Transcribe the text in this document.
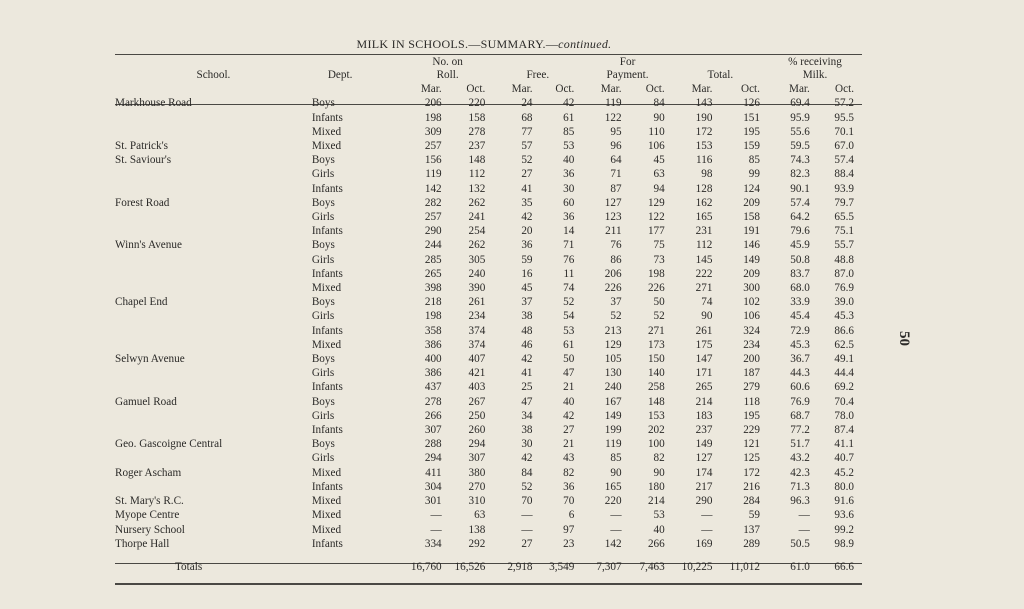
MILK IN SCHOOLS.—SUMMARY.—continued.
50
		No. on				For				% receiving	
School.	Dept.	Roll.		Free.		Payment.		Total.		Milk.	
		Mar.	Oct.	Mar.	Oct.	Mar.	Oct.	Mar.	Oct.	Mar.	Oct.
Markhouse Road	Boys	206	220	24	42	119	84	143	126	69.4	57.2
	Infants	198	158	68	61	122	90	190	151	95.9	95.5
	Mixed	309	278	77	85	95	110	172	195	55.6	70.1
St. Patrick's	Mixed	257	237	57	53	96	106	153	159	59.5	67.0
St. Saviour's	Boys	156	148	52	40	64	45	116	85	74.3	57.4
	Girls	119	112	27	36	71	63	98	99	82.3	88.4
	Infants	142	132	41	30	87	94	128	124	90.1	93.9
Forest Road	Boys	282	262	35	60	127	129	162	209	57.4	79.7
	Girls	257	241	42	36	123	122	165	158	64.2	65.5
	Infants	290	254	20	14	211	177	231	191	79.6	75.1
Winn's Avenue	Boys	244	262	36	71	76	75	112	146	45.9	55.7
	Girls	285	305	59	76	86	73	145	149	50.8	48.8
	Infants	265	240	16	11	206	198	222	209	83.7	87.0
	Mixed	398	390	45	74	226	226	271	300	68.0	76.9
Chapel End	Boys	218	261	37	52	37	50	74	102	33.9	39.0
	Girls	198	234	38	54	52	52	90	106	45.4	45.3
	Infants	358	374	48	53	213	271	261	324	72.9	86.6
	Mixed	386	374	46	61	129	173	175	234	45.3	62.5
Selwyn Avenue	Boys	400	407	42	50	105	150	147	200	36.7	49.1
	Girls	386	421	41	47	130	140	171	187	44.3	44.4
	Infants	437	403	25	21	240	258	265	279	60.6	69.2
Gamuel Road	Boys	278	267	47	40	167	148	214	118	76.9	70.4
	Girls	266	250	34	42	149	153	183	195	68.7	78.0
	Infants	307	260	38	27	199	202	237	229	77.2	87.4
Geo. Gascoigne Central	Boys	288	294	30	21	119	100	149	121	51.7	41.1
	Girls	294	307	42	43	85	82	127	125	43.2	40.7
Roger Ascham	Mixed	411	380	84	82	90	90	174	172	42.3	45.2
	Infants	304	270	52	36	165	180	217	216	71.3	80.0
St. Mary's R.C.	Mixed	301	310	70	70	220	214	290	284	96.3	91.6
Myope Centre	Mixed	—	63	—	6	—	53	—	59	—	93.6
Nursery School	Mixed	—	138	—	97	—	40	—	137	—	99.2
Thorpe Hall	Infants	334	292	27	23	142	266	169	289	50.5	98.9
Totals		16,760	16,526	2,918	3,549	7,307	7,463	10,225	11,012	61.0	66.6
